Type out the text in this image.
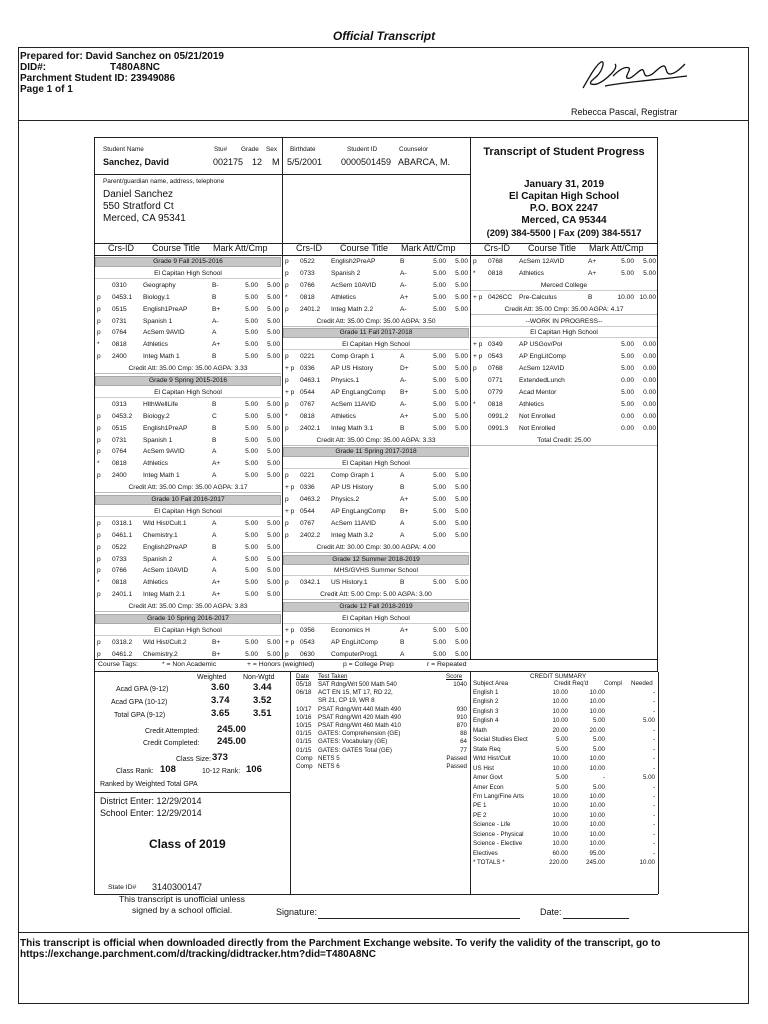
Official Transcript
Prepared for: David Sanchez on 05/21/2019
DID#:	T480A8NC
Parchment Student ID: 23949086
Page 1 of 1
Rebecca Pascal, Registrar
Student Name	Stu# Grade Sex Birthdate	Student ID	Counselor
Sanchez, David	002175 12 M 5/5/2001 0000501459 ABARCA, M.
Parent/guardian name, address, telephone
Daniel Sanchez
550 Stratford Ct
Merced, CA 95341
Transcript of Student Progress
January 31, 2019
El Capitan High School
P.O. BOX 2247
Merced, CA 95344
(209) 384-5500 | Fax (209) 384-5517
Crs-ID Course Title Mark Att/Cmp	Crs-ID Course Title Mark Att/Cmp	Crs-ID Course Title Mark Att/Cmp
Grade 9 Fall 2015-2016
El Capitan High School
0310 Geography	B-	5.00 5.00
p 0453.1 Biology.1	B	5.00 5.00
p 0515 English1PreAP	B+	5.00 5.00
p 0731 Spanish 1	A-	5.00 5.00
p 0764 AcSem 9AVID	A	5.00 5.00
* 0818 Athletics	A+	5.00 5.00
p 2400 Integ Math 1	B	5.00 5.00
Credit Att: 35.00 Cmp: 35.00 AGPA: 3.33
Grade 9 Spring 2015-2016
El Capitan High School
0313 HlthWellLife	B	5.00 5.00
p 0453.2 Biology.2	C	5.00 5.00
p 0515 English1PreAP	B	5.00 5.00
p 0731 Spanish 1	B	5.00 5.00
p 0764 AcSem 9AVID	A	5.00 5.00
* 0818 Athletics	A+	5.00 5.00
p 2400 Integ Math 1	A	5.00 5.00
Credit Att: 35.00 Cmp: 35.00 AGPA: 3.17
Grade 10 Fall 2016-2017
El Capitan High School
p 0318.1 Wld Hist/Cult.1	A	5.00 5.00
p 0461.1 Chemistry.1	A	5.00 5.00
p 0522 English2PreAP	B	5.00 5.00
p 0733 Spanish 2	A	5.00 5.00
p 0766 AcSem 10AVID	A	5.00 5.00
* 0818 Athletics	A+	5.00 5.00
p 2401.1 Integ Math 2.1	A+	5.00 5.00
Credit Att: 35.00 Cmp: 35.00 AGPA: 3.83
Grade 10 Spring 2016-2017
El Capitan High School
p 0318.2 Wld Hist/Cult.2	B+	5.00 5.00
p 0461.2 Chemistry.2	B+	5.00 5.00
p 0522 English2PreAP	B	5.00 5.00
p 0733 Spanish 2	A-	5.00 5.00
p 0766 AcSem 10AVID	A-	5.00 5.00
* 0818 Athletics	A+	5.00 5.00
p 2401.2 Integ Math 2.2	A-	5.00 5.00
Credit Att: 35.00 Cmp: 35.00 AGPA: 3.50
Grade 11 Fall 2017-2018
El Capitan High School
p 0221 Comp Graph 1	A	5.00 5.00
+ p 0336 AP US History	D+	5.00 5.00
p 0463.1 Physics.1	A-	5.00 5.00
+ p 0544 AP EngLangComp B+	5.00 5.00
p 0767 AcSem 11AVID	A-	5.00 5.00
* 0818 Athletics	A+	5.00 5.00
p 2402.1 Integ Math 3.1	B	5.00 5.00
Credit Att: 35.00 Cmp: 35.00 AGPA: 3.33
Grade 11 Spring 2017-2018
El Capitan High School
p 0221 Comp Graph 1	A	5.00 5.00
+ p 0336 AP US History	B	5.00 5.00
p 0463.2 Physics.2	A+	5.00 5.00
+ p 0544 AP EngLangComp B+	5.00 5.00
p 0767 AcSem 11AVID	A	5.00 5.00
p 2402.2 Integ Math 3.2	A	5.00 5.00
Credit Att: 30.00 Cmp: 30.00 AGPA: 4.00
Grade 12 Summer 2018-2019
MHS/GVHS Summer School
p 0342.1 US History.1	B	5.00 5.00
Credit Att: 5.00 Cmp: 5.00 AGPA: 3.00
Grade 12 Fall 2018-2019
El Capitan High School
+ p 0356 Economics H	A+	5.00 5.00
+ p 0543 AP EngLitComp	B	5.00 5.00
p 0630 ComputerProg1	A	5.00 5.00
p 0768 AcSem 12AVID	A+	5.00 5.00
* 0818 Athletics	A+	5.00 5.00
Merced College
+ p 0426CC Pre-Calculus	B	10.00 10.00
Credit Att: 35.00 Cmp: 35.00 AGPA: 4.17
--WORK IN PROGRESS--
El Capitan High School
+ p 0349 AP USGov/Pol	5.00 0.00
+ p 0543 AP EngLitComp	5.00 0.00
p 0768 AcSem 12AVID	5.00 0.00
0771 ExtendedLunch	0.00 0.00
0779 Acad Mentor	5.00 0.00
* 0818 Athletics	5.00 0.00
0991.2 Not Enrolled	0.00 0.00
0991.3 Not Enrolled	0.00 0.00
Total Credit: 25.00
Course Tags:	* = Non Academic	+ = Honors (weighted)	p = College Prep	r = Repeated
Weighted Non-Wgtd
Acad GPA (9-12)	3.60 3.44
Acad GPA (10-12)	3.74 3.52
Total GPA (9-12)	3.65 3.51
Credit Attempted: 245.00
Credit Completed: 245.00
Class Size: 373
Class Rank: 108	10-12 Rank: 106
Ranked by Weighted Total GPA
District Enter: 12/29/2014
School Enter: 12/29/2014
Class of 2019
State ID# 3140300147
Date Test Taken	Score
05/18 SAT Rdng/Wrt 500 Math 540	1040
06/18 ACT EN 15, MT 17, RD 22,
SR 21, CP 19, WR 8
10/17 PSAT Rdng/Wrt 440 Math 490	930
10/16 PSAT Rdng/Wrt 420 Math 490	910
10/15 PSAT Rdng/Wrt 460 Math 410	870
01/15 GATES: Comprehension (GE)	88
01/15 GATES: Vocabulary (GE)	64
01/15 GATES: GATES Total (GE)	77
Comp NETS 5	Passed
Comp NETS 6	Passed
CREDIT SUMMARY
Subject Area	Credit Req'd	Compl Needed
English 1	10.00	10.00	-
English 2	10.00	10.00	-
English 3	10.00	10.00	-
English 4	10.00	5.00	5.00
Math	20.00	20.00	-
Social Studies Elect	5.00	5.00	-
State Req	5.00	5.00	-
Wrld Hist/Cult	10.00	10.00	-
US Hist	10.00	10.00	-
Amer Govt	5.00	-	5.00
Amer Econ	5.00	5.00	-
Frn Lang/Fine Arts	10.00	10.00	-
PE 1	10.00	10.00	-
PE 2	10.00	10.00	-
Science - Life	10.00	10.00	-
Science - Physical	10.00	10.00	-
Science - Elective	10.00	10.00	-
Electives	60.00	95.00	-
* TOTALS *	220.00	245.00	10.00
This transcript is unofficial unless
signed by a school official.	Signature:	Date:
This transcript is official when downloaded directly from the Parchment Exchange website. To verify the validity of the transcript, go to https://exchange.parchment.com/d/tracking/didtracker.htm?did=T480A8NC
